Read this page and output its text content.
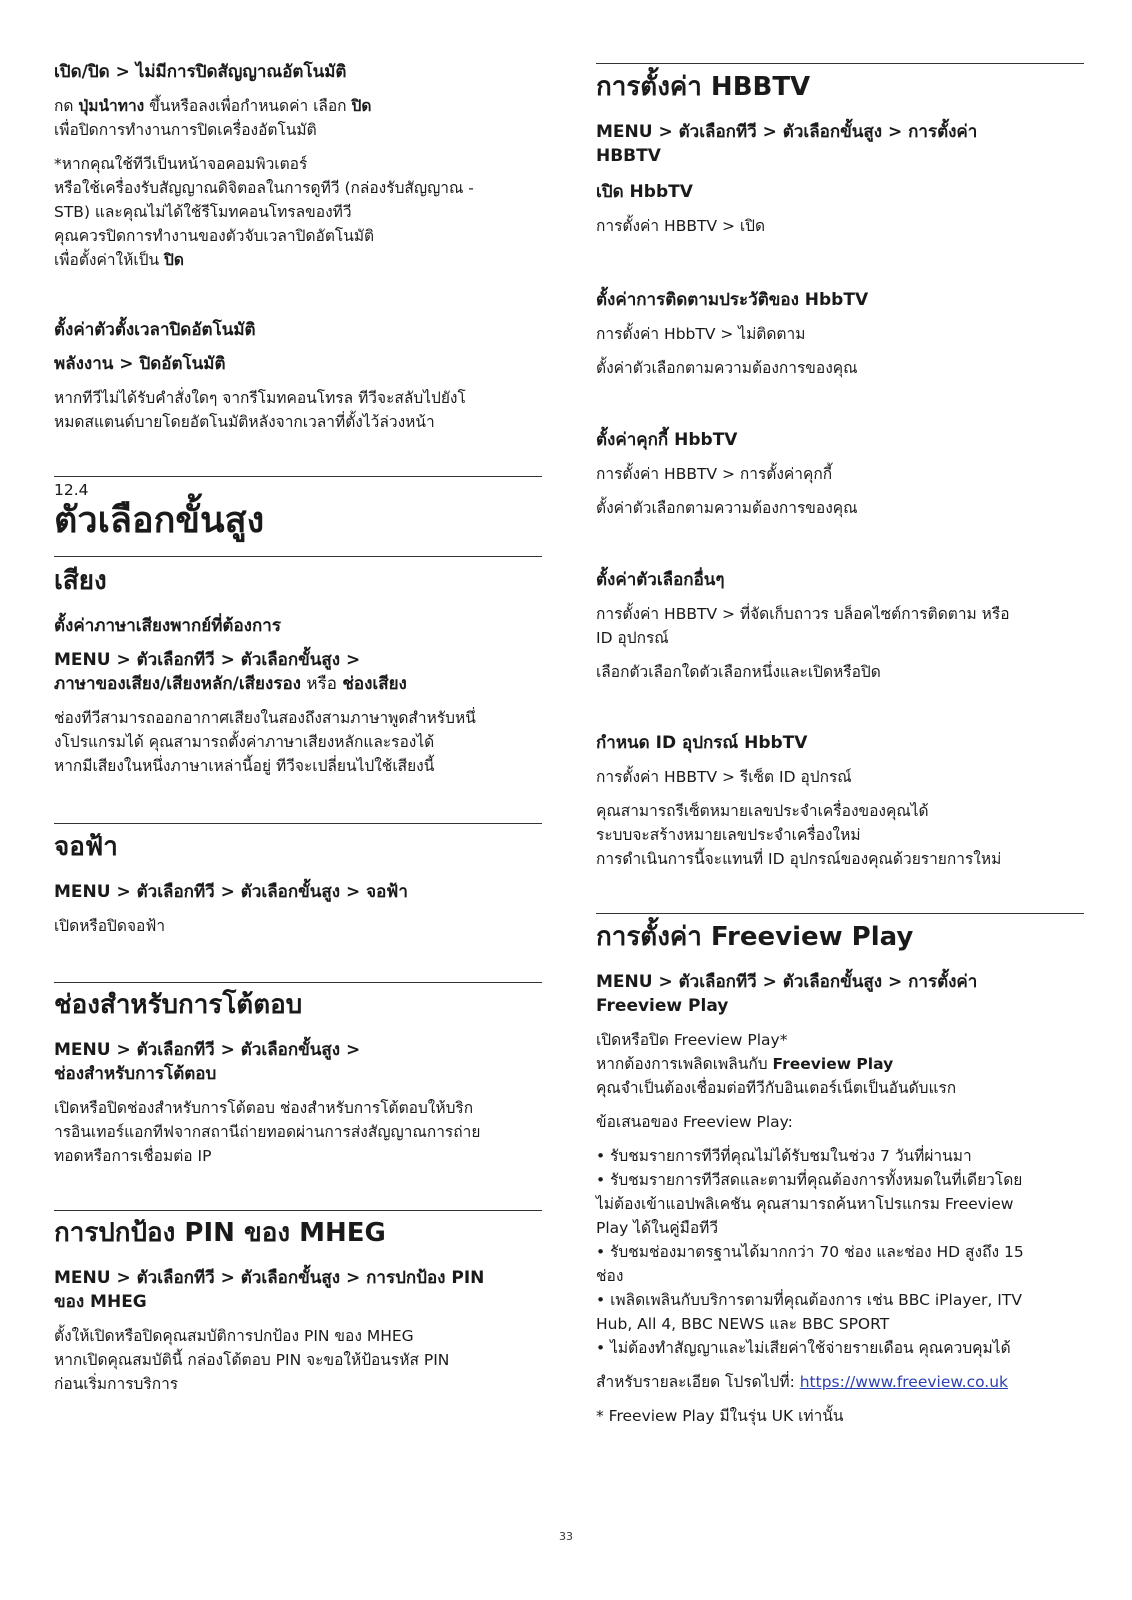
เปิด/ปิด > ไม่มีการปิดสัญญาณอัตโนมัติ

กด ปุ่มนำทาง ขึ้นหรือลงเพื่อกำหนดค่า เลือก ปิด

เพื่อปิดการทำงานการปิดเครื่องอัตโนมัติ

*หากคุณใช้ทีวีเป็นหน้าจอคอมพิวเตอร์

หรือใช้เครื่องรับสัญญาณดิจิตอลในการดูทีวี (กล่องรับสัญญาณ -

STB) และคุณไม่ได้ใช้รีโมทคอนโทรลของทีวี

คุณควรปิดการทำงานของตัวจับเวลาปิดอัตโนมัติ

เพื่อตั้งค่าให้เป็น ปิด

ตั้งค่าตัวตั้งเวลาปิดอัตโนมัติ

พลังงาน > ปิดอัตโนมัติ

หากทีวีไม่ได้รับคำสั่งใดๆ จากรีโมทคอนโทรล ทีวีจะสลับไปยังโ

หมดสแตนด์บายโดยอัตโนมัติหลังจากเวลาที่ตั้งไว้ล่วงหน้า

12.4

ตัวเลือกขั้นสูง

เสียง

ตั้งค่าภาษาเสียงพากย์ที่ต้องการ

MENU > ตัวเลือกทีวี > ตัวเลือกขั้นสูง >

ภาษาของเสียง/เสียงหลัก/เสียงรอง หรือ ช่องเสียง

ช่องทีวีสามารถออกอากาศเสียงในสองถึงสามภาษาพูดสำหรับหนึ่

งโปรแกรมได้ คุณสามารถตั้งค่าภาษาเสียงหลักและรองได้

หากมีเสียงในหนึ่งภาษาเหล่านี้อยู่ ทีวีจะเปลี่ยนไปใช้เสียงนี้

จอฟ้า

MENU > ตัวเลือกทีวี > ตัวเลือกขั้นสูง > จอฟ้า

เปิดหรือปิดจอฟ้า

ช่องสำหรับการโต้ตอบ

MENU > ตัวเลือกทีวี > ตัวเลือกขั้นสูง >

ช่องสำหรับการโต้ตอบ

เปิดหรือปิดช่องสำหรับการโต้ตอบ ช่องสำหรับการโต้ตอบให้บริก

ารอินเทอร์แอกทีฟจากสถานีถ่ายทอดผ่านการส่งสัญญาณการถ่าย

ทอดหรือการเชื่อมต่อ IP

การปกป้อง PIN ของ MHEG

MENU > ตัวเลือกทีวี > ตัวเลือกขั้นสูง > การปกป้อง PIN

ของ MHEG

ตั้งให้เปิดหรือปิดคุณสมบัติการปกป้อง PIN ของ MHEG

หากเปิดคุณสมบัตินี้ กล่องโต้ตอบ PIN จะขอให้ป้อนรหัส PIN

ก่อนเริ่มการบริการ

การตั้งค่า HBBTV

MENU > ตัวเลือกทีวี > ตัวเลือกขั้นสูง > การตั้งค่า

HBBTV

เปิด HbbTV

การตั้งค่า HBBTV > เปิด

ตั้งค่าการติดตามประวัติของ HbbTV

การตั้งค่า HbbTV > ไม่ติดตาม

ตั้งค่าตัวเลือกตามความต้องการของคุณ

ตั้งค่าคุกกี้ HbbTV

การตั้งค่า HBBTV > การตั้งค่าคุกกี้

ตั้งค่าตัวเลือกตามความต้องการของคุณ

ตั้งค่าตัวเลือกอื่นๆ

การตั้งค่า HBBTV > ที่จัดเก็บถาวร บล็อคไซต์การติดตาม หรือ

ID อุปกรณ์

เลือกตัวเลือกใดตัวเลือกหนึ่งและเปิดหรือปิด

กำหนด ID อุปกรณ์ HbbTV

การตั้งค่า HBBTV > รีเซ็ต ID อุปกรณ์

คุณสามารถรีเซ็ตหมายเลขประจำเครื่องของคุณได้

ระบบจะสร้างหมายเลขประจำเครื่องใหม่

การดำเนินการนี้จะแทนที่ ID อุปกรณ์ของคุณด้วยรายการใหม่

การตั้งค่า Freeview Play

MENU > ตัวเลือกทีวี > ตัวเลือกขั้นสูง > การตั้งค่า

Freeview Play

เปิดหรือปิด Freeview Play*

หากต้องการเพลิดเพลินกับ Freeview Play

คุณจำเป็นต้องเชื่อมต่อทีวีกับอินเตอร์เน็ตเป็นอันดับแรก

ข้อเสนอของ Freeview Play:

• รับชมรายการทีวีที่คุณไม่ได้รับชมในช่วง 7 วันที่ผ่านมา

• รับชมรายการทีวีสดและตามที่คุณต้องการทั้งหมดในที่เดียวโดย

ไม่ต้องเข้าแอปพลิเคชัน คุณสามารถค้นหาโปรแกรม Freeview

Play ได้ในคู่มือทีวี

• รับชมช่องมาตรฐานได้มากกว่า 70 ช่อง และช่อง HD สูงถึง 15

ช่อง

• เพลิดเพลินกับบริการตามที่คุณต้องการ เช่น BBC iPlayer, ITV

Hub, All 4, BBC NEWS และ BBC SPORT

• ไม่ต้องทำสัญญาและไม่เสียค่าใช้จ่ายรายเดือน คุณควบคุมได้

สำหรับรายละเอียด โปรดไปที่: https://www.freeview.co.uk

* Freeview Play มีในรุ่น UK เท่านั้น

33
